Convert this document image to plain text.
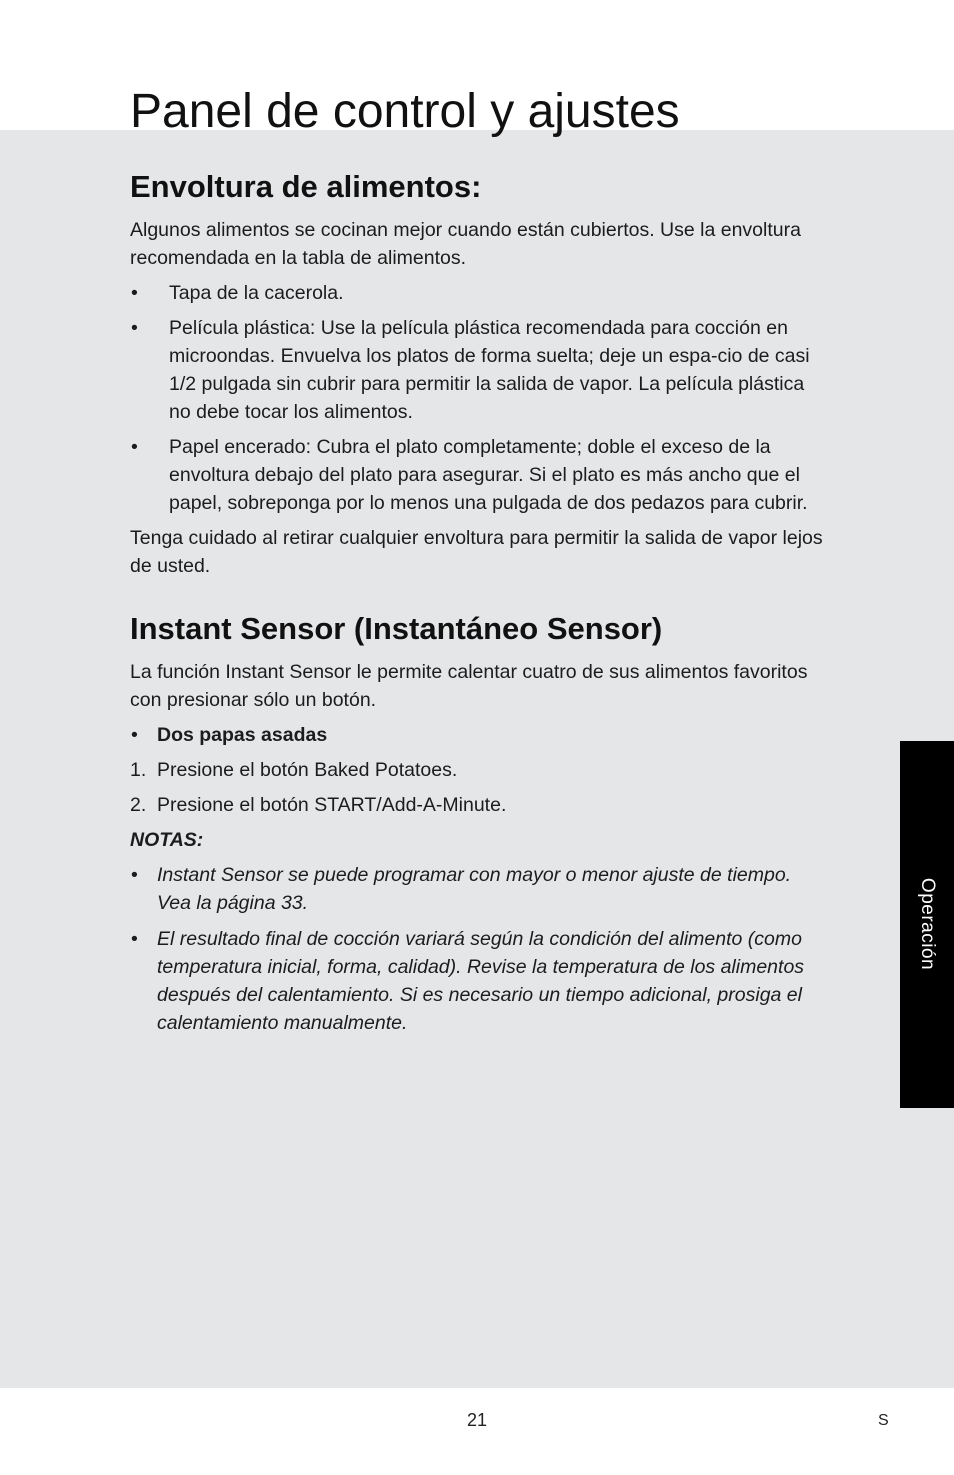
Panel de control y ajustes
Envoltura de alimentos:

Algunos alimentos se cocinan mejor cuando están cubiertos. Use la envoltura recomendada en la tabla de alimentos.

• Tapa de la cacerola.
• Película plástica: Use la película plástica recomendada para cocción en microondas. Envuelva los platos de forma suelta; deje un espa-cio de casi 1/2 pulgada sin cubrir para permitir la salida de vapor. La película plástica no debe tocar los alimentos.
• Papel encerado: Cubra el plato completamente; doble el exceso de la envoltura debajo del plato para asegurar. Si el plato es más ancho que el papel, sobreponga por lo menos una pulgada de dos pedazos para cubrir.

Tenga cuidado al retirar cualquier envoltura para permitir la salida de vapor lejos de usted.

Instant Sensor (Instantáneo Sensor)

La función Instant Sensor le permite calentar cuatro de sus alimentos favoritos con presionar sólo un botón.

• Dos papas asadas
1. Presione el botón Baked Potatoes.
2. Presione el botón START/Add-A-Minute.

NOTAS:

• Instant Sensor se puede programar con mayor o menor ajuste de tiempo. Vea la página 33.
• El resultado final de cocción variará según la condición del alimento (como temperatura inicial, forma, calidad). Revise la temperatura de los alimentos después del calentamiento. Si es necesario un tiempo adicional, prosiga el calentamiento manualmente.
Operación
21	S
